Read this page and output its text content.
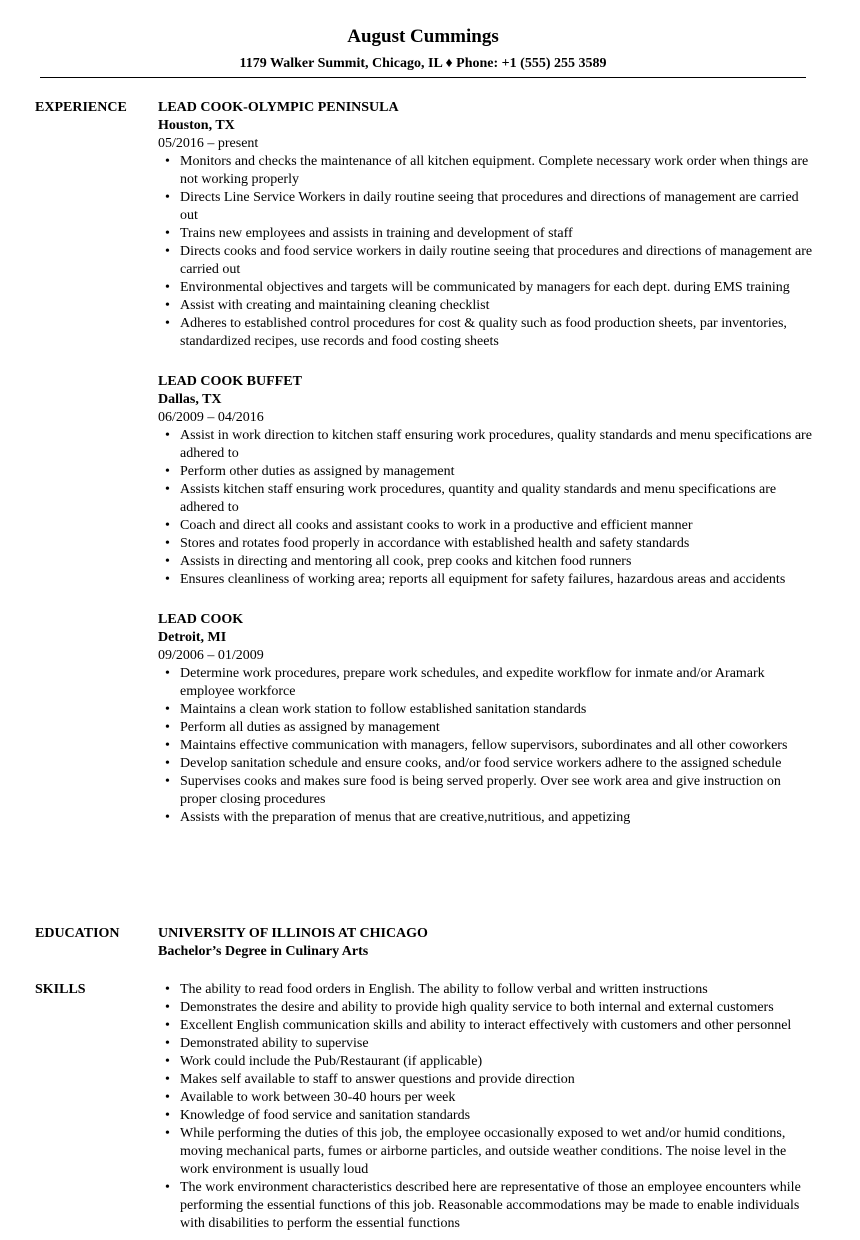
August Cummings
1179 Walker Summit, Chicago, IL ♦ Phone: +1 (555) 255 3589
EXPERIENCE LEAD COOK-OLYMPIC PENINSULA
Houston, TX
05/2016 – present
• Monitors and checks the maintenance of all kitchen equipment. Complete necessary work order when things are not working properly
• Directs Line Service Workers in daily routine seeing that procedures and directions of management are carried out
• Trains new employees and assists in training and development of staff
• Directs cooks and food service workers in daily routine seeing that procedures and directions of management are carried out
• Environmental objectives and targets will be communicated by managers for each dept. during EMS training
• Assist with creating and maintaining cleaning checklist
• Adheres to established control procedures for cost & quality such as food production sheets, par inventories, standardized recipes, use records and food costing sheets
LEAD COOK BUFFET
Dallas, TX
06/2009 – 04/2016
• Assist in work direction to kitchen staff ensuring work procedures, quality standards and menu specifications are adhered to
• Perform other duties as assigned by management
• Assists kitchen staff ensuring work procedures, quantity and quality standards and menu specifications are adhered to
• Coach and direct all cooks and assistant cooks to work in a productive and efficient manner
• Stores and rotates food properly in accordance with established health and safety standards
• Assists in directing and mentoring all cook, prep cooks and kitchen food runners
• Ensures cleanliness of working area; reports all equipment for safety failures, hazardous areas and accidents
LEAD COOK
Detroit, MI
09/2006 – 01/2009
• Determine work procedures, prepare work schedules, and expedite workflow for inmate and/or Aramark employee workforce
• Maintains a clean work station to follow established sanitation standards
• Perform all duties as assigned by management
• Maintains effective communication with managers, fellow supervisors, subordinates and all other coworkers
• Develop sanitation schedule and ensure cooks, and/or food service workers adhere to the assigned schedule
• Supervises cooks and makes sure food is being served properly. Over see work area and give instruction on proper closing procedures
• Assists with the preparation of menus that are creative,nutritious, and appetizing
EDUCATION	UNIVERSITY OF ILLINOIS AT CHICAGO
Bachelor’s Degree in Culinary Arts
SKILLS
•	The ability to read food orders in English. The ability to follow verbal and written instructions
• Demonstrates the desire and ability to provide high quality service to both internal and external customers
• Excellent English communication skills and ability to interact effectively with customers and other personnel
• Demonstrated ability to supervise
• Work could include the Pub/Restaurant (if applicable)
• Makes self available to staff to answer questions and provide direction
• Available to work between 30-40 hours per week
• Knowledge of food service and sanitation standards
• While performing the duties of this job, the employee occasionally exposed to wet and/or humid conditions, moving mechanical parts, fumes or airborne particles, and outside weather conditions. The noise level in the work environment is usually loud
• The work environment characteristics described here are representative of those an employee encounters while performing the essential functions of this job. Reasonable accommodations may be made to enable individuals with disabilities to perform the essential functions
